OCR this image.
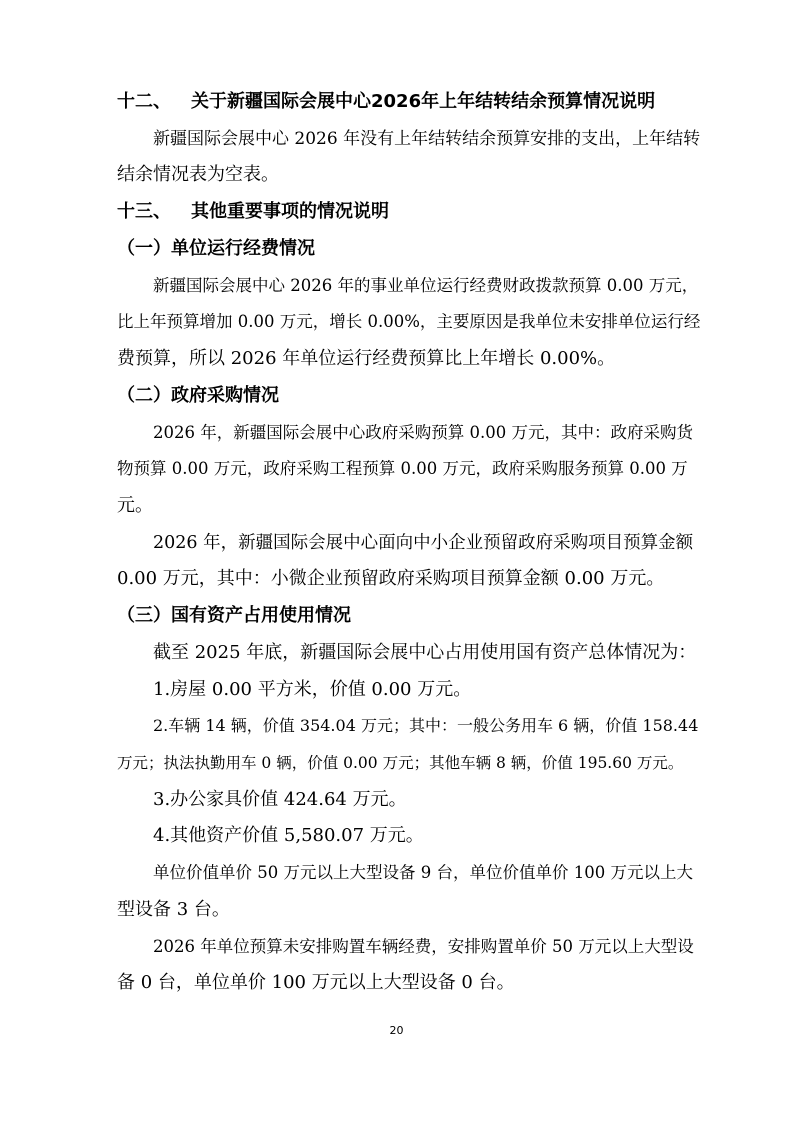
十二、 关于新疆国际会展中心2026年上年结转结余预算情况说明
新疆国际会展中心 2026 年没有上年结转结余预算安排的支出，上年结转
结余情况表为空表。
十三、 其他重要事项的情况说明
（一）单位运行经费情况
新疆国际会展中心 2026 年的事业单位运行经费财政拨款预算 0.00 万元，
比上年预算增加 0.00 万元，增长 0.00%，主要原因是我单位未安排单位运行经
费预算，所以 2026 年单位运行经费预算比上年增长 0.00%。
（二）政府采购情况
2026 年，新疆国际会展中心政府采购预算 0.00 万元，其中：政府采购货
物预算 0.00 万元，政府采购工程预算 0.00 万元，政府采购服务预算 0.00 万
元。
2026 年，新疆国际会展中心面向中小企业预留政府采购项目预算金额
0.00 万元，其中：小微企业预留政府采购项目预算金额 0.00 万元。
（三）国有资产占用使用情况
截至 2025 年底，新疆国际会展中心占用使用国有资产总体情况为：
1.房屋 0.00 平方米，价值 0.00 万元。
2.车辆 14 辆，价值 354.04 万元；其中：一般公务用车 6 辆，价值 158.44
万元；执法执勤用车 0 辆，价值 0.00 万元；其他车辆 8 辆，价值 195.60 万元。
3.办公家具价值 424.64 万元。
4.其他资产价值 5,580.07 万元。
单位价值单价 50 万元以上大型设备 9 台，单位价值单价 100 万元以上大
型设备 3 台。
2026 年单位预算未安排购置车辆经费，安排购置单价 50 万元以上大型设
备 0 台，单位单价 100 万元以上大型设备 0 台。
20
